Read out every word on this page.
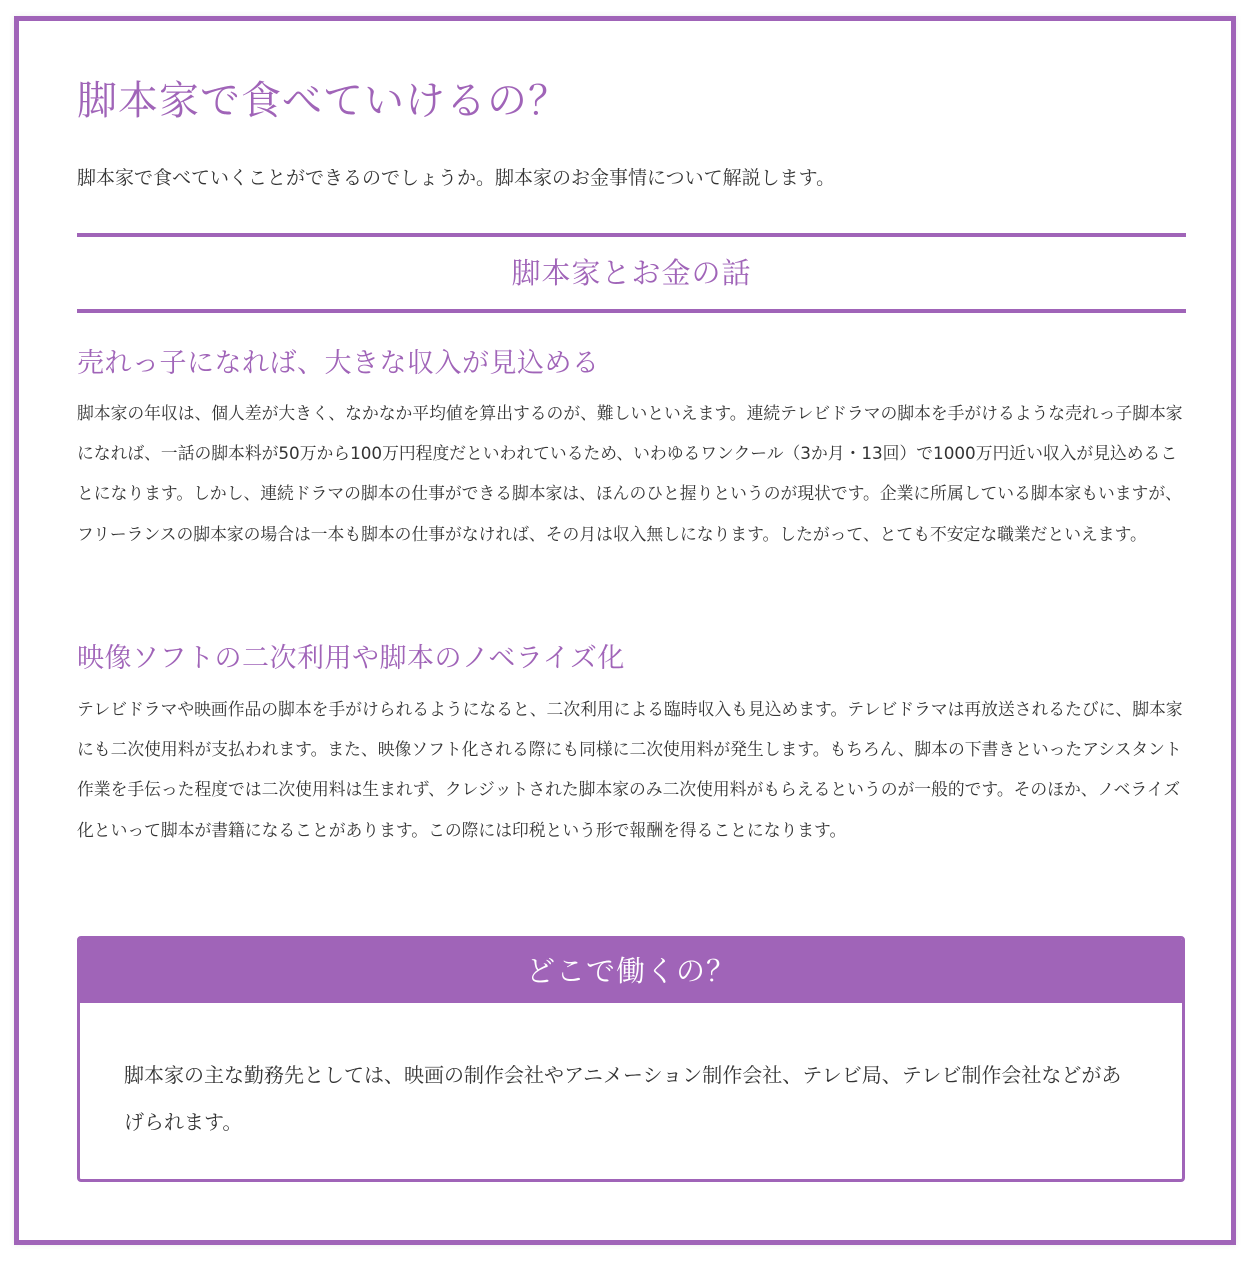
脚本家で食べていけるの？

脚本家で食べていくことができるのでしょうか。脚本家のお金事情について解説します。

脚本家とお金の話
売れっ子になれば、大きな収入が見込める

脚本家の年収は、個人差が大きく、なかなか平均値を算出するのが、難しいといえます。連続テレビドラマの脚本を手がけるような売れっ子脚本家になれば、一話の脚本料が50万から100万円程度だといわれているため、いわゆるワンクール（3か月・13回）で1000万円近い収入が見込めることになります。しかし、連続ドラマの脚本の仕事ができる脚本家は、ほんのひと握りというのが現状です。企業に所属している脚本家もいますが、フリーランスの脚本家の場合は一本も脚本の仕事がなければ、その月は収入無しになります。したがって、とても不安定な職業だといえます。

映像ソフトの二次利用や脚本のノベライズ化

テレビドラマや映画作品の脚本を手がけられるようになると、二次利用による臨時収入も見込めます。テレビドラマは再放送されるたびに、脚本家にも二次使用料が支払われます。また、映像ソフト化される際にも同様に二次使用料が発生します。もちろん、脚本の下書きといったアシスタント作業を手伝った程度では二次使用料は生まれず、クレジットされた脚本家のみ二次使用料がもらえるというのが一般的です。そのほか、ノベライズ化といって脚本が書籍になることがあります。この際には印税という形で報酬を得ることになります。

どこで働くの？

脚本家の主な勤務先としては、映画の制作会社やアニメーション制作会社、テレビ局、テレビ制作会社などがあげられます。
